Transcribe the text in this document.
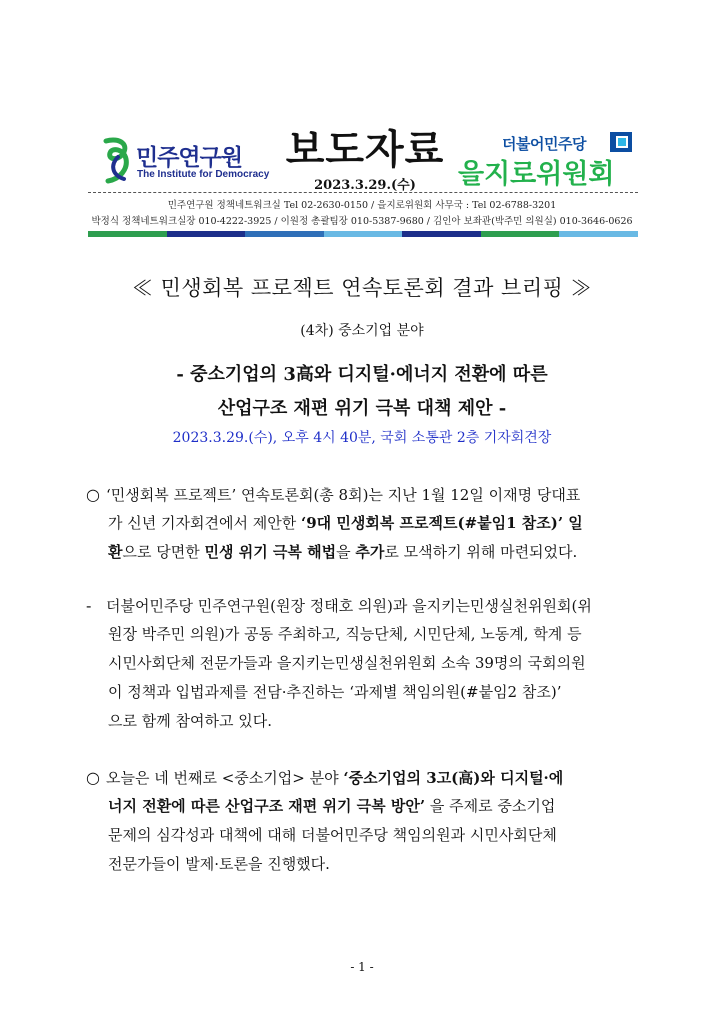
민주연구원
The Institute for Democracy
보도자료
2023.3.29.(수)
더불어민주당
을지로위원회
민주연구원 정책네트워크실 Tel 02-2630-0150 / 을지로위원회 사무국 : Tel 02-6788-3201
박정식 정책네트워크실장 010-4222-3925 / 이원정 총괄팀장 010-5387-9680 / 김인아 보좌관(박주민 의원실) 010-3646-0626
≪ 민생회복 프로젝트 연속토론회 결과 브리핑 ≫
(4차) 중소기업 분야
- 중소기업의 3高와 디지털·에너지 전환에 따른
산업구조 재편 위기 극복 대책 제안 -
2023.3.29.(수), 오후 4시 40분, 국회 소통관 2층 기자회견장
○ ‘민생회복 프로젝트’ 연속토론회(총 8회)는 지난 1월 12일 이재명 당대표
가 신년 기자회견에서 제안한 ‘9대 민생회복 프로젝트(#붙임1 참조)’ 일
환으로 당면한 민생 위기 극복 해법을 추가로 모색하기 위해 마련되었다.
- 더불어민주당 민주연구원(원장 정태호 의원)과 을지키는민생실천위원회(위
원장 박주민 의원)가 공동 주최하고, 직능단체, 시민단체, 노동계, 학계 등
시민사회단체 전문가들과 을지키는민생실천위원회 소속 39명의 국회의원
이 정책과 입법과제를 전담·추진하는 ‘과제별 책임의원(#붙임2 참조)’
으로 함께 참여하고 있다.
○ 오늘은 네 번째로 <중소기업> 분야 ‘중소기업의 3고(高)와 디지털·에
너지 전환에 따른 산업구조 재편 위기 극복 방안’ 을 주제로 중소기업
문제의 심각성과 대책에 대해 더불어민주당 책임의원과 시민사회단체
전문가들이 발제·토론을 진행했다.
- 1 -
